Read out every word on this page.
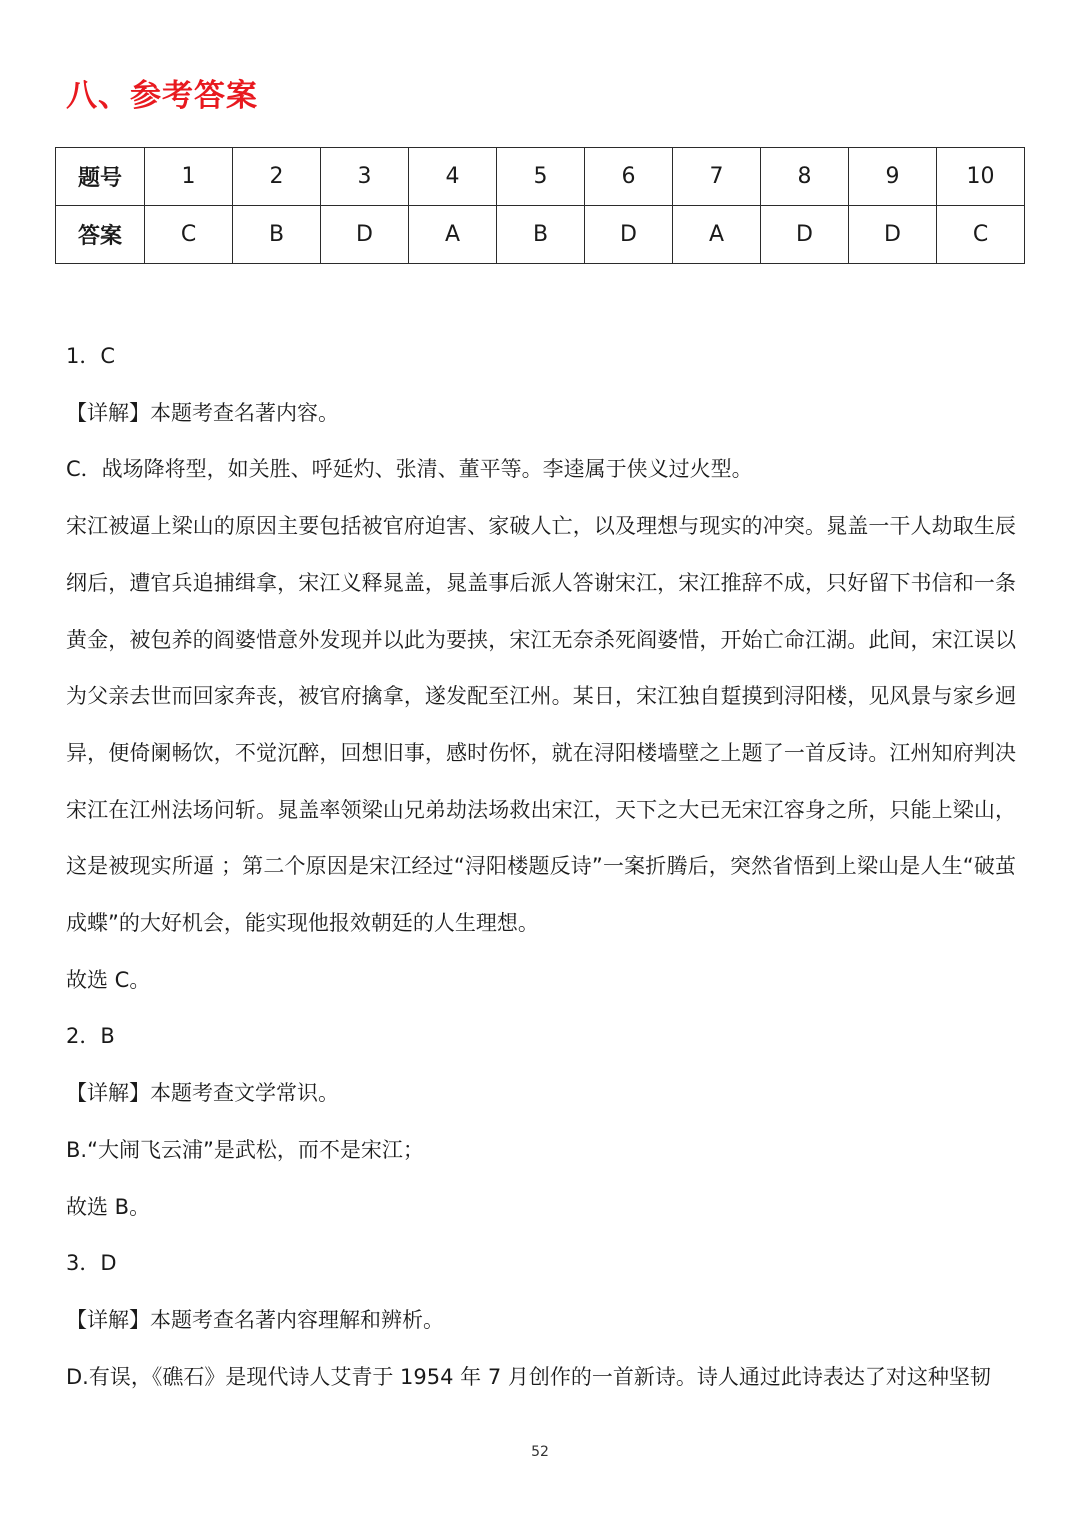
八、参考答案
题号	1	2	3	4	5	6	7	8	9	10
答案	C	B	D	A	B	D	A	D	D	C

1．C

【详解】本题考查名著内容。

C．战场降将型，如关胜、呼延灼、张清、董平等。李逵属于侠义过火型。

宋江被逼上梁山的原因主要包括被官府迫害、家破人亡，以及理想与现实的冲突。晁盖一干人劫取生辰纲后，遭官兵追捕缉拿，宋江义释晁盖，晁盖事后派人答谢宋江，宋江推辞不成，只好留下书信和一条黄金，被包养的阎婆惜意外发现并以此为要挟，宋江无奈杀死阎婆惜，开始亡命江湖。此间，宋江误以为父亲去世而回家奔丧，被官府擒拿，遂发配至江州。某日，宋江独自踅摸到浔阳楼，见风景与家乡迥异，便倚阑畅饮，不觉沉醉，回想旧事，感时伤怀，就在浔阳楼墙壁之上题了一首反诗。江州知府判决宋江在江州法场问斩。晁盖率领梁山兄弟劫法场救出宋江，天下之大已无宋江容身之所，只能上梁山，这是被现实所逼 ；第二个原因是宋江经过“浔阳楼题反诗”一案折腾后，突然省悟到上梁山是人生“破茧成蝶”的大好机会，能实现他报效朝廷的人生理想。

故选 C。

2．B

【详解】本题考查文学常识。

B.“大闹飞云浦”是武松，而不是宋江；

故选 B。

3．D

【详解】本题考查名著内容理解和辨析。

D.有误，《礁石》是现代诗人艾青于 1954 年 7 月创作的一首新诗。诗人通过此诗表达了对这种坚韧

52
